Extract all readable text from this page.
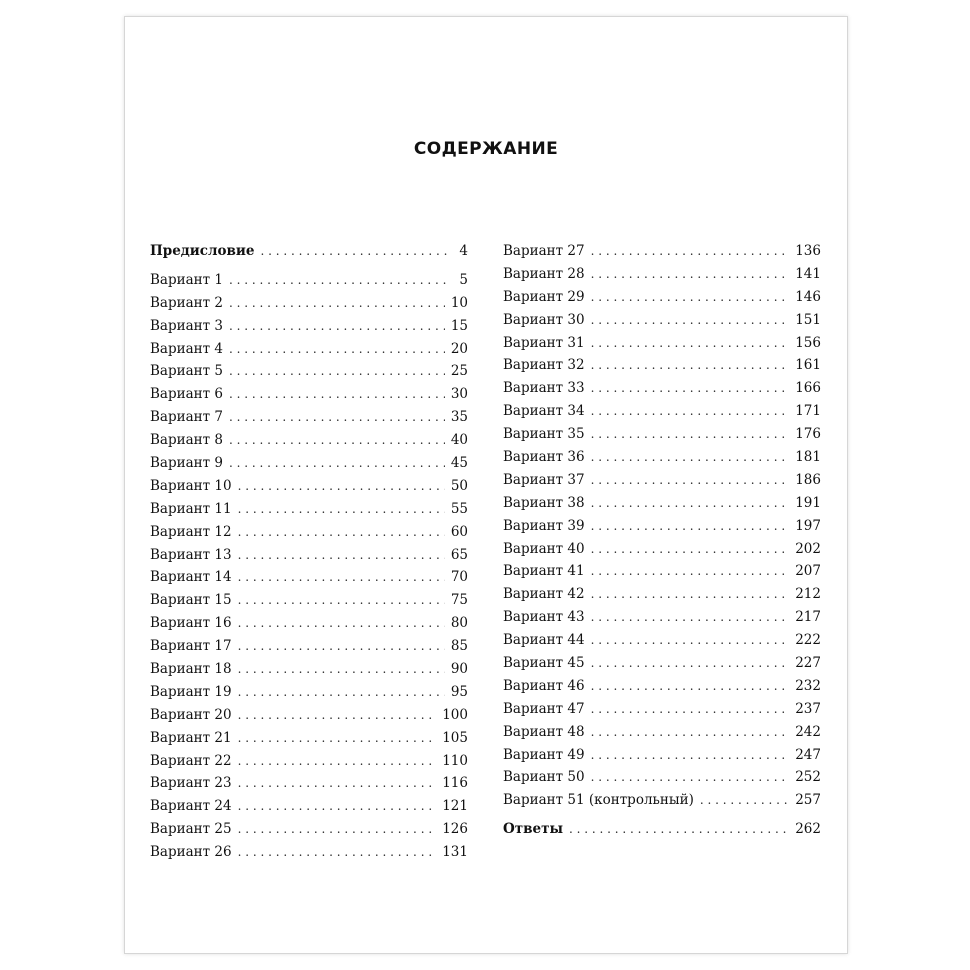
СОДЕРЖАНИЕ
Предисловие . . .	4
Вариант 1 . . .	5
Вариант 2 . . .	10
Вариант 3 . . .	15
Вариант 4 . . .	20
Вариант 5 . . .	25
Вариант 6 . . .	30
Вариант 7 . . .	35
Вариант 8 . . .	40
Вариант 9 . . .	45
Вариант 10 . . .	50
Вариант 11 . . .	55
Вариант 12 . . .	60
Вариант 13 . . .	65
Вариант 14 . . .	70
Вариант 15 . . .	75
Вариант 16 . . .	80
Вариант 17 . . .	85
Вариант 18 . . .	90
Вариант 19 . . .	95
Вариант 20 . . .	100
Вариант 21 . . .	105
Вариант 22 . . .	110
Вариант 23 . . .	116
Вариант 24 . . .	121
Вариант 25 . . .	126
Вариант 26 . . .	131
Вариант 27 . . .	136
Вариант 28 . . .	141
Вариант 29 . . .	146
Вариант 30 . . .	151
Вариант 31 . . .	156
Вариант 32 . . .	161
Вариант 33 . . .	166
Вариант 34 . . .	171
Вариант 35 . . .	176
Вариант 36 . . .	181
Вариант 37 . . .	186
Вариант 38 . . .	191
Вариант 39 . . .	197
Вариант 40 . . .	202
Вариант 41 . . .	207
Вариант 42 . . .	212
Вариант 43 . . .	217
Вариант 44 . . .	222
Вариант 45 . . .	227
Вариант 46 . . .	232
Вариант 47 . . .	237
Вариант 48 . . .	242
Вариант 49 . . .	247
Вариант 50 . . .	252
Вариант 51 (контрольный) . . .	257
Ответы . . .	262
